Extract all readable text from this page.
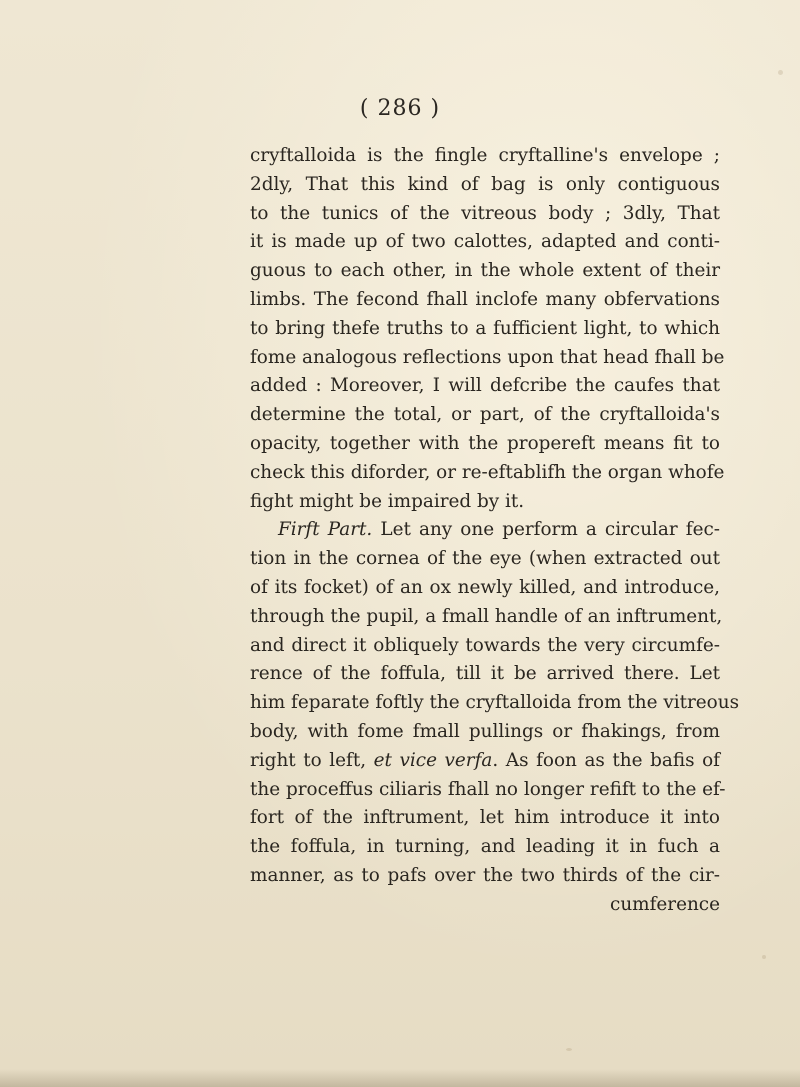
( 286 )
cryftalloida is the fingle cryftalline's envelope ;
2dly, That this kind of bag is only contiguous
to the tunics of the vitreous body ; 3dly, That
it is made up of two calottes, adapted and conti-
guous to each other, in the whole extent of their
limbs. The fecond fhall inclofe many obfervations
to bring thefe truths to a fufficient light, to which
fome analogous reflections upon that head fhall be
added : Moreover, I will defcribe the caufes that
determine the total, or part, of the cryftalloida's
opacity, together with the propereft means fit to
check this diforder, or re-eftablifh the organ whofe
fight might be impaired by it.
Firft Part. Let any one perform a circular fec-
tion in the cornea of the eye (when extracted out
of its focket) of an ox newly killed, and introduce,
through the pupil, a fmall handle of an inftrument,
and direct it obliquely towards the very circumfe-
rence of the foffula, till it be arrived there. Let
him feparate foftly the cryftalloida from the vitreous
body, with fome fmall pullings or fhakings, from
right to left, et vice verfa. As foon as the bafis of
the proceffus ciliaris fhall no longer refift to the ef-
fort of the inftrument, let him introduce it into
the foffula, in turning, and leading it in fuch a
manner, as to pafs over the two thirds of the cir-
cumference
